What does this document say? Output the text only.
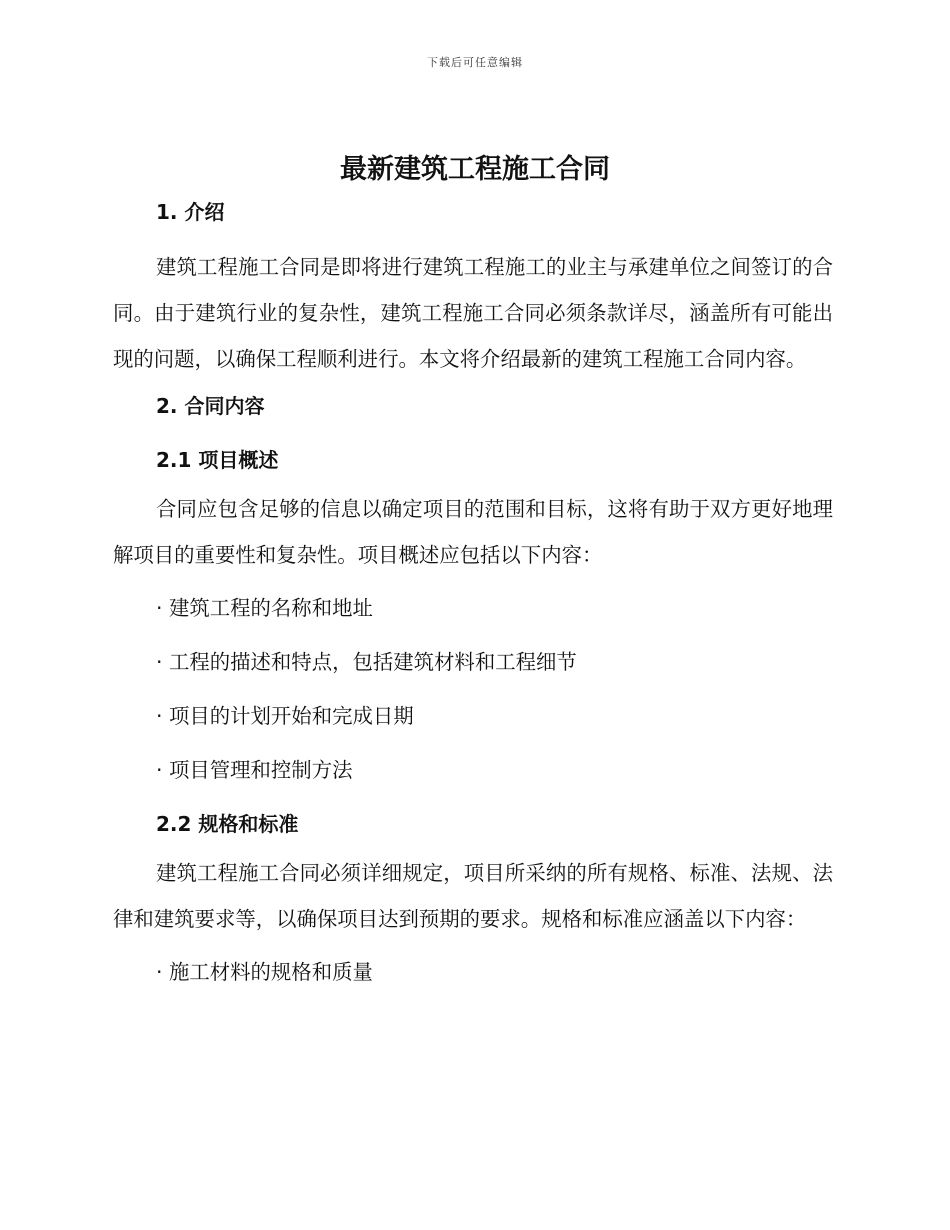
下载后可任意编辑
最新建筑工程施工合同
1. 介绍

建筑工程施工合同是即将进行建筑工程施工的业主与承建单位之间签订的合同。由于建筑行业的复杂性，建筑工程施工合同必须条款详尽，涵盖所有可能出现的问题，以确保工程顺利进行。本文将介绍最新的建筑工程施工合同内容。

2. 合同内容
2.1 项目概述

合同应包含足够的信息以确定项目的范围和目标，这将有助于双方更好地理解项目的重要性和复杂性。项目概述应包括以下内容：

· 建筑工程的名称和地址

· 工程的描述和特点，包括建筑材料和工程细节

· 项目的计划开始和完成日期

· 项目管理和控制方法

2.2 规格和标准

建筑工程施工合同必须详细规定，项目所采纳的所有规格、标准、法规、法律和建筑要求等，以确保项目达到预期的要求。规格和标准应涵盖以下内容：

· 施工材料的规格和质量
